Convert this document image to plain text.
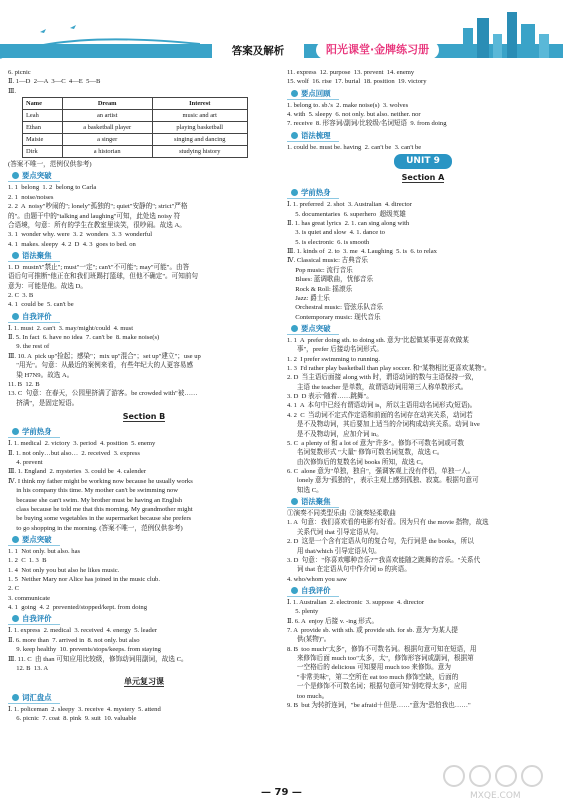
答案及解析	阳光课堂·金牌练习册
6. picnic
Ⅱ. 1—D  2—A  3—C  4—E  5—B
Ⅲ.
Name	Dream	Interest
Leah	an artist	music and art
Ethan	a basketball player	playing basketball
Maisie	a singer	singing and dancing
Dirk	a historian	studying history
(答案不唯一，范例仅供参考)
要点突破
1. 1  belong  1. 2  belong to Carla
2. 1  noise/noises
2. 2  A  noisy"吵闹的"; lonely"孤独的"; quiet"安静的"; strict"严格
的"。由题干中的"talking and laughing"可知，此处选 noisy 符
合语境，句意：所有的学生在教室里谈笑，很吵闹。故选 A。
3. 1  wonder why. were  3. 2  wonders  3. 3  wonderful
4. 1  makes. sleepy  4. 2  D  4. 3  goes to bed. on
语法聚焦
1. D  mustn't"禁止"; must"一定"; can't"不可能"; may"可能"。由答
语后句可推断"他正在和我们班踢打篮球，但他不确定"。可知前句
意为：可能是他。故选 D。
2. C  3. B
4. 1  could be  5. can't be
自我评价
Ⅰ. 1. must  2. can't  3. may/might/could  4. must
Ⅱ. 5. In fact  6. have no idea  7. can't be  8. make noise(s)
9. the rest of
Ⅲ. 10. A  pick up"捡起；感染"；mix up"混合"；set up"建立"；use up
"用光"。句意：从最近的案例来看，有些年纪大的人更容易感
染 H7N9。故选 A。
11. B  12. B
13. C  句意：在春天，公园里挤满了游客。be crowded with"被……
挤满"，是固定短语。
Section B
学前热身
Ⅰ. 1. medical  2. victory  3. period  4. position  5. enemy
Ⅱ. 1. not only…but also…  2. received  3. express
4. prevent
Ⅲ. 1. England  2. mysteries  3. could be  4. calender
Ⅳ. I think my father might be working now because he usually works
in his company this time. My mother can't be swimming now
because she can't swim. My brother must be having an English
class because he told me that this morning. My grandmother might
be buying some vegetables in the supermarket because she prefers
to go shopping in the morning. (答案不唯一，范例仅供参考)
要点突破
1. 1  Not only. but also. has
1. 2  C  1. 3  B
1. 4  Not only you but also he likes music.
1. 5  Neither Mary nor Alice has joined in the music club.
2. C
3. communicate
4. 1  going  4. 2  prevented/stopped/kept. from doing
自我评价
Ⅰ. 1. express  2. medical  3. received  4. energy  5. leader
Ⅱ. 6. more than  7. arrived in  8. not only. but also
9. keep healthy  10. prevents/stops/keeps. from staying
Ⅲ. 11. C  由 than 可知应用比较级，修饰动词用副词，故选 C。
12. B  13. A
单元复习课
词汇盘点
Ⅰ. 1. policeman  2. sleepy  3. receive  4. mystery  5. attend
6. picnic  7. coat  8. pink  9. suit  10. valuable
11. express  12. purpose  13. prevent  14. enemy
15. wolf  16. rise  17. burial  18. position  19. victory
要点回顾
1. belong to. sb.'s  2. make noise(s)  3. wolves
4. with  5. sleepy  6. not only. but also. neither. nor
7. receive  8. 形容词/副词/比较级/名词短语  9. from doing
语法梳理
1. could be. must be. having  2. can't be  3. can't be
UNIT 9
Section A
学前热身
Ⅰ. 1. preferred  2. shot  3. Australian  4. director
5. documentaries  6. superhero  超级英雄
Ⅱ. 1. has great lyrics  2. 1. can sing along with
3. is quiet and slow  4. 1. dance to
5. is electronic  6. is smooth
Ⅲ. 1. kinds of  2. to  3. me  4. Laughing  5. is  6. to relax
Ⅳ. Classical music: 古典音乐
Pop music: 流行音乐
Blues: 蓝调歌曲，忧郁音乐
Rock & Roll: 摇滚乐
Jazz: 爵士乐
Orchestral music: 管弦乐队音乐
Contemporary music: 现代音乐
要点突破
1. 1  A  prefer doing sth. to doing sth. 意为"比起做某事更喜欢做某
事"，prefer 后接动名词形式。
1. 2  I prefer swimming to running.
1. 3  I'd rather play basketball than play soccer. 和"某物相比更喜欢某物"。
2. D  当主语后面接 along with 时，谓语动词的数与主语保持一致，
主语 the teacher 是单数，故谓语动词用第三人称单数形式。
3. D  D 表示"随着……跳舞"。
4. 1  A  本句中已经有谓语动词 is，所以主语用动名词形式(短语)。
4. 2  C  当动词不定式作定语和前面的名词存在动宾关系，动词若
是不及物动词，其后要加上适当的介词构成动宾关系。动词 live
是不及物动词，应加介词 in。
5. C  a plenty of 和 a lot of 意为"许多"。修饰不可数名词或可数
名词复数形式 "大量" 修饰可数名词复数，故选 C。
由次修饰后的复数名词 books 所知，故选 C。
6. C  alone 意为"单独，独自"，强调客观上没有伴侣，单独一人。
lonely 意为"孤独的"，表示主观上感到孤独、寂寞。根据句意可
知选 C。
语法聚焦
①演奏不同类型乐曲  ②演奏轻柔歌曲
1. A  句意：我们喜欢看的电影有好看。因为只有 the movie 指物，故选
关系代词 that 引导定语从句。
2. D  这是一个含有定语从句的复合句，先行词是 the books，所以
用 that/which 引导定语从句。
3. D  句意："你喜欢哪种音乐?""我喜欢能随之跳舞的音乐。"关系代
词 that 在定语从句中作介词 to 的宾语。
4. who/whom you saw
自我评价
Ⅰ. 1. Australian  2. electronic  3. suppose  4. director
5. plenty
Ⅱ. 6. A  enjoy 后接 v. -ing 形式。
7. A  provide sb. with sth. 或 provide sth. for sb. 意为"为某人提
供(某物)"。
8. B  too much"太多"，修饰不可数名词。根据句意可知在短语，用
来修饰后面 much too"太多，太"，修饰形容词或副词，根据第
一空格后的 delicious 可知要用 much too 来修饰。意为
"非常美味"，第二空所在 eat too much 修饰空缺，后面的
一个是修饰不可数名词；根据句意可知"别吃得太多"，应用
too much。
9. B  but 为转折连词，"be afraid＋但是……"意为"恐怕我也……"
— 79 —	MXQE.COM
